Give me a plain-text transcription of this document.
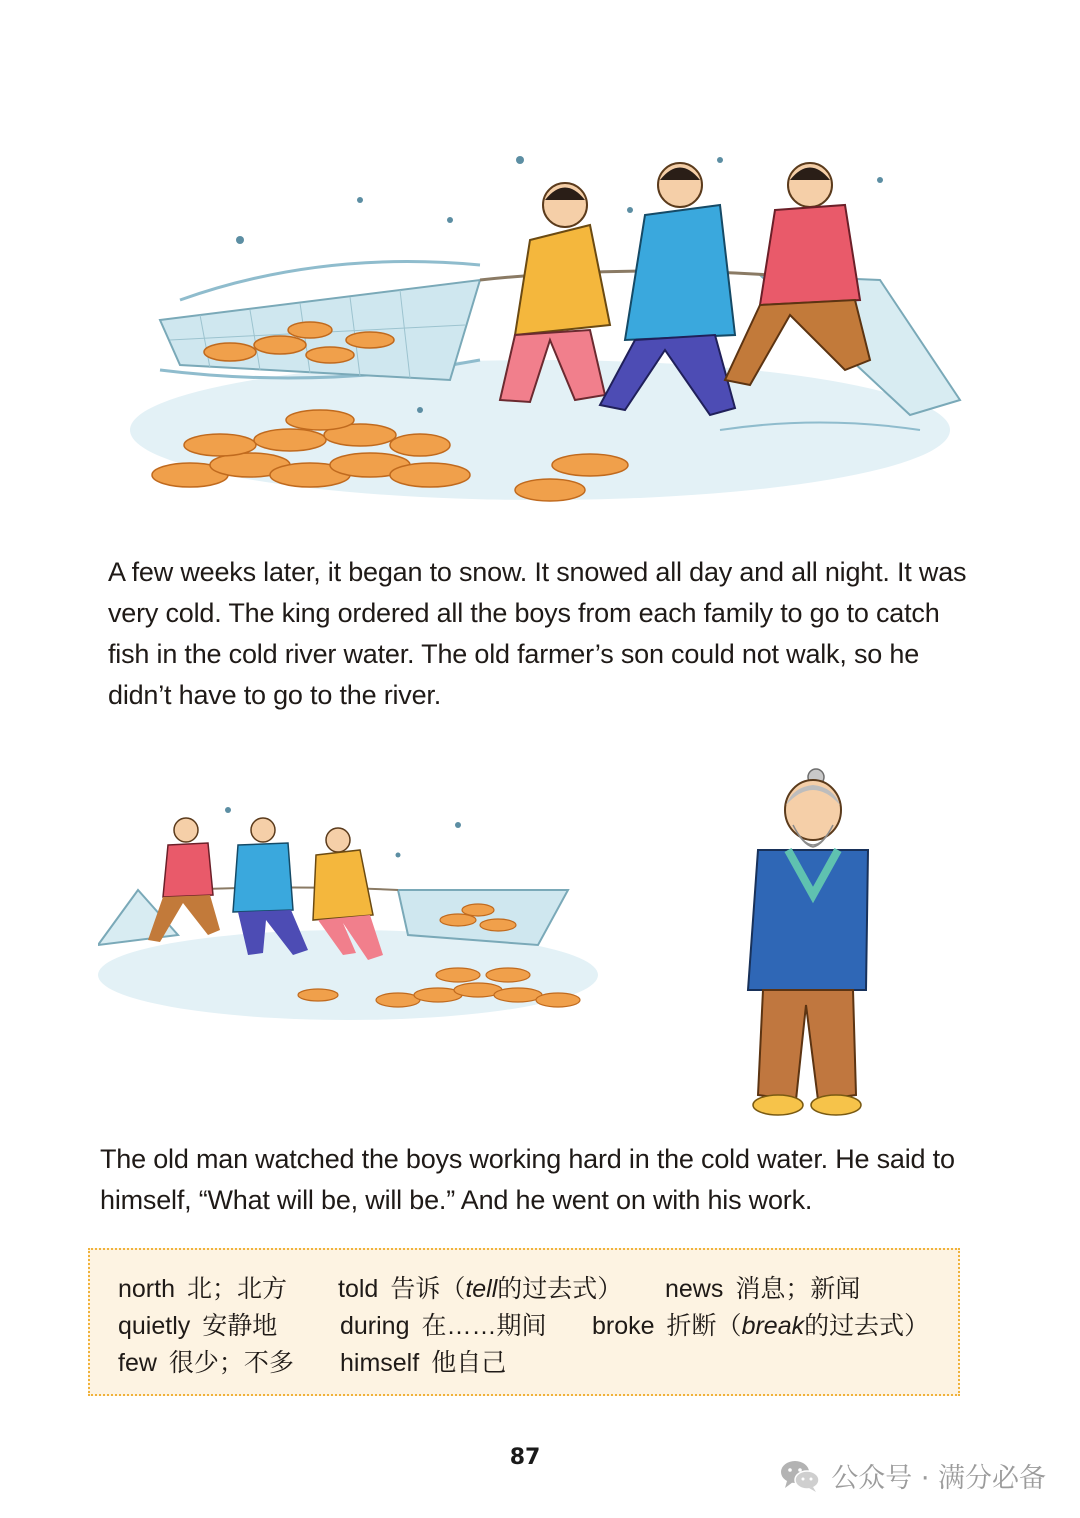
A few weeks later, it began to snow. It snowed all day and all night. It was very cold. The king ordered all the boys from each family to go to catch fish in the cold river water. The old farmer’s son could not walk, so he didn’t have to go to the river.

The old man watched the boys working hard in the cold water. He said to himself, “What will be, will be.” And he went on with his work.

north 北；北方 told 告诉（tell的过去式） news 消息；新闻
quietly 安静地	during 在……期间 broke 折断（break的过去式）
few 很少；不多 himself 他自己
87
公众号 · 满分必备
